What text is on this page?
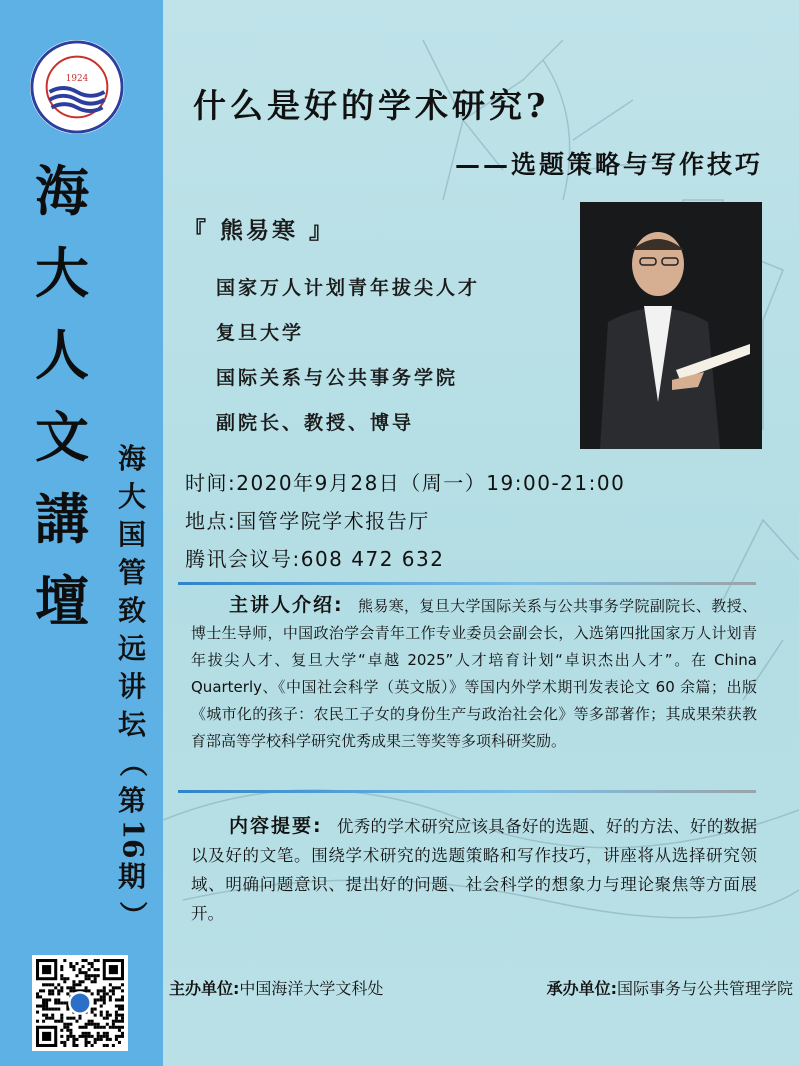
1924
海
大
人
文
講
壇
海
大
国
管
致
远
讲
坛
（
第
16
期
）
什么是好的学术研究?
——选题策略与写作技巧
『 熊易寒 』
国家万人计划青年拔尖人才
复旦大学
国际关系与公共事务学院
副院长、教授、博导
时间:2020年9月28日（周一）19:00-21:00
地点:国管学院学术报告厅
腾讯会议号:608 472 632
主讲人介绍: 熊易寒，复旦大学国际关系与公共事务学院副院长、教授、博士生导师，中国政治学会青年工作专业委员会副会长，入选第四批国家万人计划青年拔尖人才、复旦大学“卓越 2025”人才培育计划“卓识杰出人才”。在 China Quarterly、《中国社会科学（英文版）》等国内外学术期刊发表论文 60 余篇；出版《城市化的孩子：农民工子女的身份生产与政治社会化》等多部著作；其成果荣获教育部高等学校科学研究优秀成果三等奖等多项科研奖励。
内容提要: 优秀的学术研究应该具备好的选题、好的方法、好的数据以及好的文笔。围绕学术研究的选题策略和写作技巧，讲座将从选择研究领域、明确问题意识、提出好的问题、社会科学的想象力与理论聚焦等方面展开。
主办单位:中国海洋大学文科处	承办单位:国际事务与公共管理学院
